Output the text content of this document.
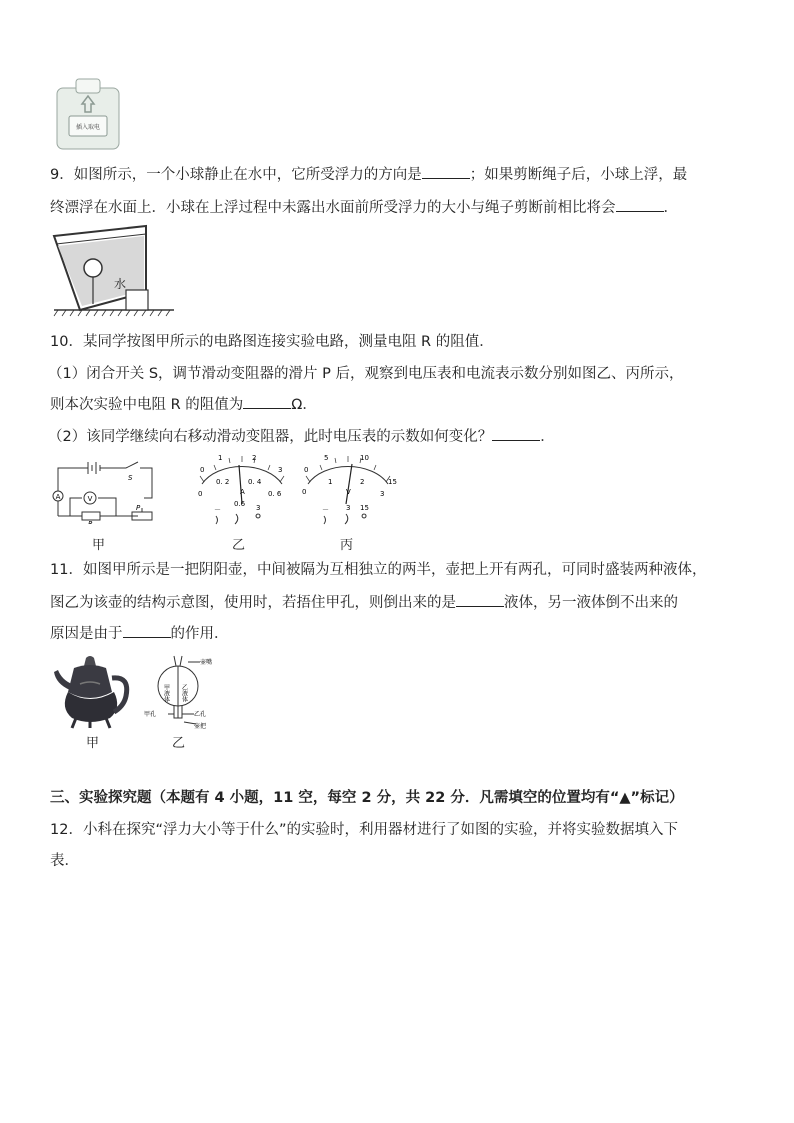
插入取电
9．如图所示，一个小球静止在水中，它所受浮力的方向是	；如果剪断绳子后，小球上浮，最
终漂浮在水面上．小球在上浮过程中未露出水面前所受浮力的大小与绳子剪断前相比将会	．
水
10．某同学按图甲所示的电路图连接实验电路，测量电阻 R 的阻值．
（1）闭合开关 S，调节滑动变阻器的滑片 P 后，观察到电压表和电流表示数分别如图乙、丙所示，
则本次实验中电阻 R 的阻值为	Ω．
（2）该同学继续向右移动滑动变阻器，此时电压表的示数如何变化？	．
A	V
S
R
P
甲
0
1	2
3
0
0. 2	0. 4
0. 6
A
－
0.6 3
乙
0
5	10
15
0
1	2
3
V
－ 3 15
丙
11．如图甲所示是一把阴阳壶，中间被隔为互相独立的两半，壶把上开有两孔，可同时盛装两种液体，
图乙为该壶的结构示意图，使用时，若捂住甲孔，则倒出来的是	液体，另一液体倒不出来的
原因是由于	的作用．
甲
壶嘴
甲液体 乙液体
甲孔	乙孔
壶把
乙
三、实验探究题（本题有 4 小题，11 空，每空 2 分，共 22 分．凡需填空的位置均有“▲”标记）
12．小科在探究“浮力大小等于什么”的实验时，利用器材进行了如图的实验，并将实验数据填入下
表．
